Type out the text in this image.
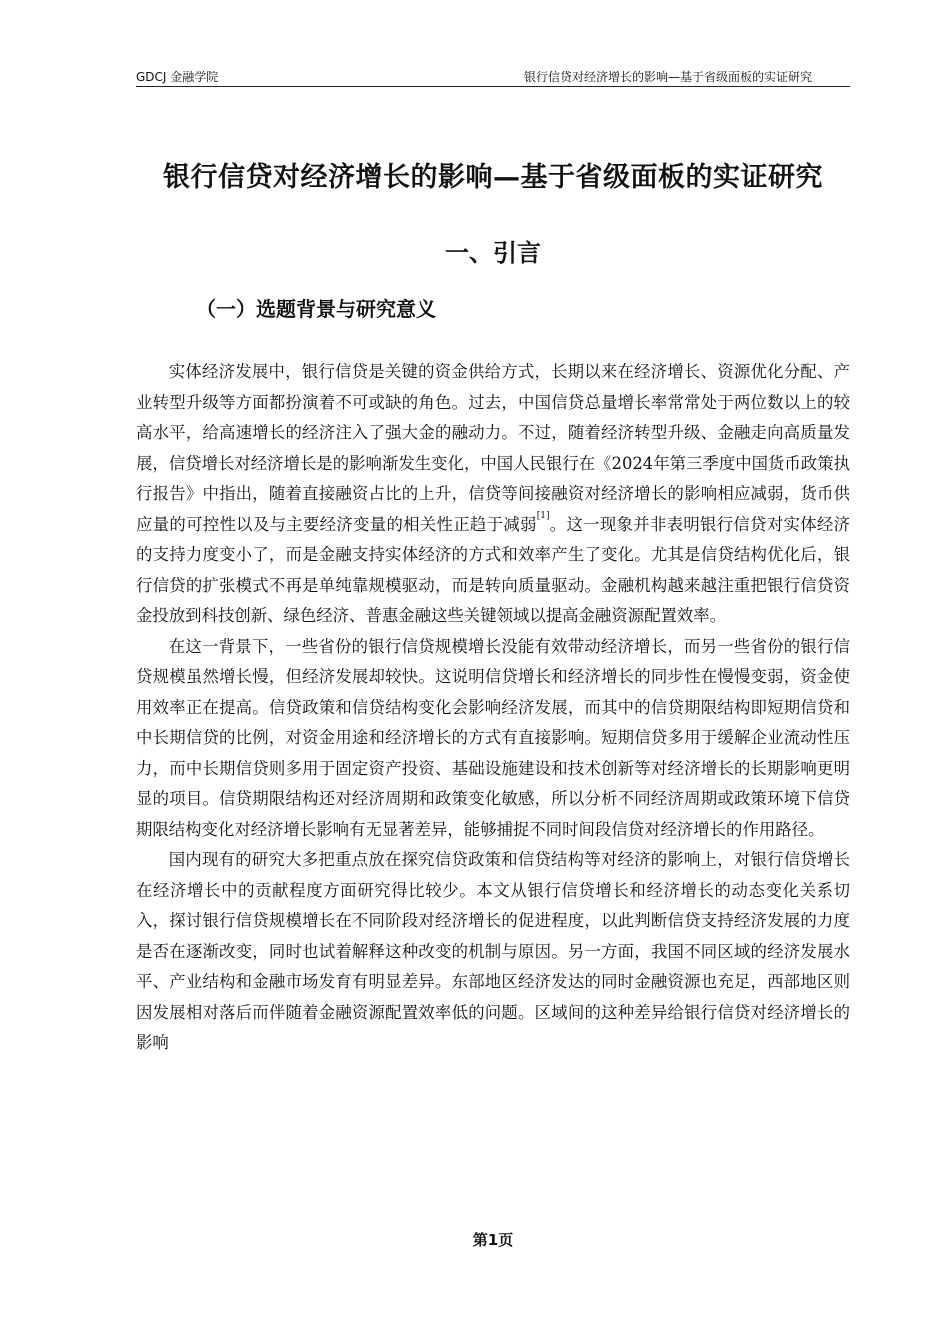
GDCJ 金融学院	银行信贷对经济增长的影响—基于省级面板的实证研究
银行信贷对经济增长的影响—基于省级面板的实证研究
一、引言
（一）选题背景与研究意义

实体经济发展中，银行信贷是关键的资金供给方式，长期以来在经济增长、资源优化分配、产业转型升级等方面都扮演着不可或缺的角色。过去，中国信贷总量增长率常常处于两位数以上的较高水平，给高速增长的经济注入了强大金的融动力。不过，随着经济转型升级、金融走向高质量发展，信贷增长对经济增长是的影响渐发生变化，中国人民银行在《2024年第三季度中国货币政策执行报告》中指出，随着直接融资占比的上升，信贷等间接融资对经济增长的影响相应减弱，货币供应量的可控性以及与主要经济变量的相关性正趋于减弱[1]。这一现象并非表明银行信贷对实体经济的支持力度变小了，而是金融支持实体经济的方式和效率产生了变化。尤其是信贷结构优化后，银行信贷的扩张模式不再是单纯靠规模驱动，而是转向质量驱动。金融机构越来越注重把银行信贷资金投放到科技创新、绿色经济、普惠金融这些关键领域以提高金融资源配置效率。

在这一背景下，一些省份的银行信贷规模增长没能有效带动经济增长，而另一些省份的银行信贷规模虽然增长慢，但经济发展却较快。这说明信贷增长和经济增长的同步性在慢慢变弱，资金使用效率正在提高。信贷政策和信贷结构变化会影响经济发展，而其中的信贷期限结构即短期信贷和中长期信贷的比例，对资金用途和经济增长的方式有直接影响。短期信贷多用于缓解企业流动性压力，而中长期信贷则多用于固定资产投资、基础设施建设和技术创新等对经济增长的长期影响更明显的项目。信贷期限结构还对经济周期和政策变化敏感，所以分析不同经济周期或政策环境下信贷期限结构变化对经济增长影响有无显著差异，能够捕捉不同时间段信贷对经济增长的作用路径。

国内现有的研究大多把重点放在探究信贷政策和信贷结构等对经济的影响上，对银行信贷增长在经济增长中的贡献程度方面研究得比较少。本文从银行信贷增长和经济增长的动态变化关系切入，探讨银行信贷规模增长在不同阶段对经济增长的促进程度，以此判断信贷支持经济发展的力度是否在逐渐改变，同时也试着解释这种改变的机制与原因。另一方面，我国不同区域的经济发展水平、产业结构和金融市场发育有明显差异。东部地区经济发达的同时金融资源也充足，西部地区则因发展相对落后而伴随着金融资源配置效率低的问题。区域间的这种差异给银行信贷对经济增长的影响

第1页
